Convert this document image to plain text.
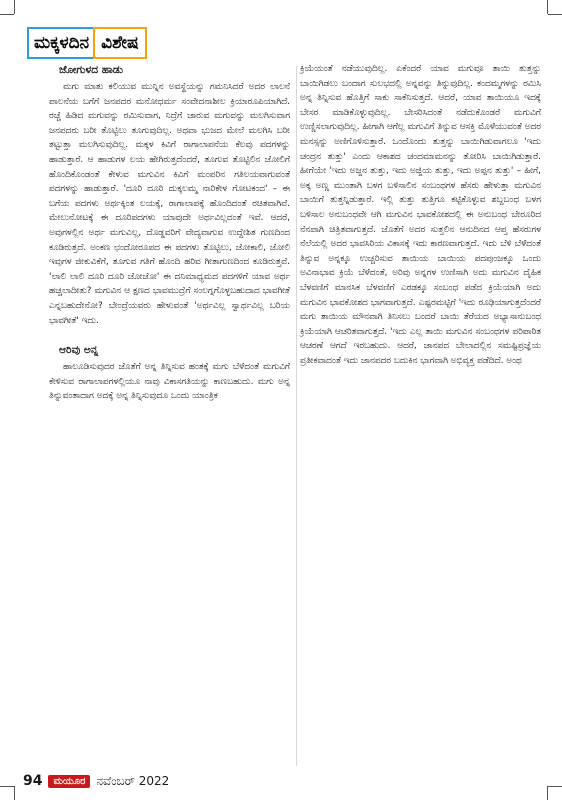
ಮಕ್ಕಳದಿನ ವಿಶೇಷ
ಜೋಗುಳದ ಹಾಡು

ಮಗು ಮಾತು ಕಲಿಯುವ ಮುನ್ನಿನ ಅವಸ್ಥೆಯನ್ನು ಗಮನಿಸಿದರೆ ಅದರ ಲಾಲನೆ ಪಾಲನೆಯ ಬಗೆಗೆ ಜನಪದರ ಮನೋಧರ್ಮ ಸಂವೇದನಾಶೀಲ ಕ್ರಿಯಾರೂಪಿಯಾಗಿದೆ. ರಚ್ಚೆ ಹಿಡಿದ ಮಗುವನ್ನು ರಮಿಸುವಾಗ, ನಿದ್ರೆಗೆ ಜಾರುವ ಮಗುವನ್ನು ಮಲಗಿಸುವಾಗ ಜನಪದರು ಬರೀ ತೊಟ್ಟಿಲು ತೂಗುವುದಿಲ್ಲ. ಅಥವಾ ಭುಜದ ಮೇಲೆ ಮಲಗಿಸಿ ಬರೀ ತಟ್ಟುತ್ತಾ ಮಲಗಿಸುವುದಿಲ್ಲ. ಮಕ್ಕಳ ಕಿವಿಗೆ ರಾಗಾಲಾಪನೆಯ ಕೆಲವು ಪದಗಳನ್ನು ಹಾಡುತ್ತಾರೆ. ಆ ಹಾಡುಗಳ ಲಯ ಹೇಗಿರುತ್ತದೆಂದರೆ, ತೂಗುವ ತೊಟ್ಟಿಲಿನ ಜೋಲಿಗೆ ಹೊಂದಿಕೊಂಡಂತೆ ಕೇಳುವ ಮಗುವಿನ ಕಿವಿಗೆ ಮಂಪರಿನ ಗತಿಲಯವಾಗುವಂತೆ ಪದಗಳನ್ನು ಹಾಡುತ್ತಾರೆ. 'ದೂರಿ ದೂರಿ ದುಕ್ಕಲಮ್ಮ ನಾರಿಕೇಳ ಗೋಟಕಂದ' – ಈ ಬಗೆಯ ಪದಗಳು ಅರ್ಥಕ್ಕಿಂತ ಲಯಕ್ಕೆ, ರಾಗಾಲಾಪಕ್ಕೆ ಹೊಂದಿದಂತೆ ರಚಿತವಾಗಿವೆ. ಮೇಲುನೋಟಕ್ಕೆ ಈ ದೂರಿಪದಗಳು ಯಾವುದೇ ಅರ್ಥವಿಲ್ಲದಂತೆ ಇವೆ. ಆದರೆ, ಅವುಗಳಲ್ಲಿನ ಅರ್ಥ ಮಗುವಿಲ್ಲ, ದೊಡ್ಡವರಿಗೆ ವೇದ್ಯವಾಗುವ ಉದ್ದೇಶಿತ ಗುಣದಿಂದ ಕೂಡಿರುತ್ತದೆ. ಅಂಕಣ ಛಂದೋರೂಪದ ಈ ಪದಗಳು ತೊಟ್ಟಿಲು, ಜೋಕಾಲಿ, ಜೋಲಿ ಇವುಗಳ ಜೀಕುವಿಕೆಗೆ, ತೂಗುವ ಗತಿಗೆ ಹೊಂದಿ ಹರಿವ ಗೀತಾಗುಣದಿಂದ ಕೂಡಿರುತ್ತವೆ. 'ಲಾಲಿ ಲಾಲಿ ದೂರಿ ದೂರಿ ಜೋಜೋ' ಈ ದನಿಮಾಧ್ಯಮದ ಪದಗಳಿಗೆ ಯಾವ ಅರ್ಥ ಹಚ್ಚಲಾದೀತು? ಮಗುವಿನ ಆ ಕ್ಷಣದ ಭಾವಮುದ್ರೆಗೆ ಸಂಲಗ್ನಗೊಳ್ಳಬಹುದಾದ ಭಾವಗೀತೆ ಎನ್ನಬಹುದೇನೋ? ಬೇಂದ್ರೆಯವರು ಹೇಳುವಂತೆ 'ಅರ್ಥವಿಲ್ಲ ಸ್ವಾರ್ಥವಿಲ್ಲ ಬರಿಯ ಭಾವಗೀತೆ' ಇದು.

ಆರಿವು ಅನ್ನ

ಹಾಲೂಡಿಸುವುದರ ಜೊತೆಗೆ ಅನ್ನ ತಿನ್ನಿಸುವ ಹಂತಕ್ಕೆ ಮಗು ಬೆಳೆದಂತೆ ಮಗುವಿಗೆ ಕೇಳಿಸುವ ರಾಗಾಲಾಪಗಳಲ್ಲಿಯೂ ನಾವು ವಿಕಾಸಗತಿಯನ್ನು ಕಾಣಬಹುದು. ಮಗು ಅನ್ನ ತಿನ್ನುವಂತಾದಾಗ ಅದಕ್ಕೆ ಅನ್ನ ತಿನ್ನಿಸುವುದೂ ಒಂದು ಯಾಂತ್ರಿಕ

ಕ್ರಿಯೆಯಂತೆ ನಡೆಯುವುದಿಲ್ಲ. ಏಕೆಂದರೆ ಯಾವ ಮಗುವೂ ತಾಯಿ ತುತ್ತನ್ನು ಬಾಯಿಗಿಡಲು ಬಂದಾಗ ಸುಲಭದಲ್ಲಿ ಅನ್ನವನ್ನು ತಿನ್ನುವುದಿಲ್ಲ. ಕಂದಮ್ಮಗಳನ್ನು ರಮಿಸಿ ಅನ್ನ ತಿನ್ನಿಸುವ ಹೊತ್ತಿಗೆ ಸಾಕು ಸಾಕೆನಿಸುತ್ತದೆ. ಆದರೆ, ಯಾವ ತಾಯಿಯೂ ಇದಕ್ಕೆ ಬೇಸರ ಮಾಡಿಕೊಳ್ಳುವುದಿಲ್ಲ. ಬೇಸರಿಸಿದಂತೆ ನಡೆದುಕೊಂಡರೆ ಮಗುವಿಗೆ ಉಣ್ಣಿಸಲಾಗುವುದಿಲ್ಲ. ಹೀಗಾಗಿ ಆಗೆಲ್ಲ ಮಗುವಿಗೆ ತಿನ್ನುವ ಆಸಕ್ತಿ ಮೊಳೆಯುವಂತೆ ಅದರ ಮನಸ್ಸನ್ನು ಅಣಿಗೊಳಿಸುತ್ತಾರೆ. ಒಂದೊಂದು ತುತ್ತನ್ನು ಬಾಯಿಗಿಡುವಾಗಲೂ 'ಇದು ಚಂದ್ರನ ತುತ್ತು' ಎಂದು ಆಕಾಶದ ಚಂದಮಾಮನನ್ನು ತೋರಿಸಿ ಬಾಯಿಗಿಡುತ್ತಾರೆ. ಹೀಗೆಯೇ 'ಇದು ಅಜ್ಜನ ತುತ್ತು, ಇದು ಅಜ್ಜಿಯ ತುತ್ತು, ಇದು ಅಪ್ಪನ ತುತ್ತು' – ಹೀಗೆ, ಅಕ್ಕ ಅಣ್ಣ ಮುಂತಾಗಿ ಬಳಗ ಬಳಿಸಾಲಿನ ಸಂಬಂಧಗಳ ಹೆಸರು ಹೇಳುತ್ತಾ ಮಗುವಿನ ಬಾಯಿಗೆ ತುತ್ತನ್ನಿಡುತ್ತಾರೆ. ಇಲ್ಲಿ ತುತ್ತು ತುತ್ತಿಗೂ ಕಟ್ಟಿಕೊಳ್ಳುವ ಶಬ್ದಬಂಧ ಬಳಗ ಬಳಿಸಾಲ ಅನುಬಂಧವೇ ಆಗಿ ಮಗುವಿನ ಭಾವಕೋಶದಲ್ಲಿ ಈ ಅನುಬಂಧ ಬೇರೂರಿದ ನೆನಪಾಗಿ ಚಿತ್ರಿತವಾಗುತ್ತದೆ. ಜೊತೆಗೆ ಅದರ ಸುತ್ತಲಿನ ಆನುದಿನದ ಆಪ್ತ ಹೆಸರುಗಳ ನೆಲೆಯಲ್ಲಿ ಅದರ ಭಾವಸಿರಿಯ ವಿಕಾಸಕ್ಕೆ ಇದು ಕಾರಣವಾಗುತ್ತದೆ. ಇದು ಬೆಳಿ ಬೆಳೆದಂತೆ ತಿನ್ನುವ ಅನ್ನಕ್ಕೂ ಉಚ್ಚರಿಸುವ ತಾಯಿಯ ಬಾಯಿಯ ಪದಪುಂಜಕ್ಕೂ ಒಂದು ಅವಿನಾಭಾವ ಕ್ರಿಯೆ ಬೆಳೆದಂತೆ, ಅರಿವು ಅನ್ನಗಳ ಉಣಿಸಾಗಿ ಅದು ಮಗುವಿನ ದೈಹಿಕ ಬೆಳವಣಿಗೆ ಮಾನಸಿಕ ಬೆಳವಣಿಗೆ ಎರಡಕ್ಕೂ ಸಂಬಂಧ ಪಡೆದ ಕ್ರಿಯೆಯಾಗಿ ಅದು ಮಗುವಿನ ಭಾವಕೋಶದ ಭಾಗವಾಗುತ್ತದೆ. ಎಷ್ಟರಮಟ್ಟಿಗೆ 'ಇದು ರೂಢಿಯಾಗುತ್ತದೆಂದರೆ ಮಗು ತಾಯಿಯ ಮೌನವಾಗಿ ತಿನಿಸಲು ಬಂದರೆ ಬಾಯಿ ತೆರೆಯದ ಅಭ್ಯಾಸಾನುಬಂಧ ಕ್ರಿಯೆಯಾಗಿ ಆಚರಿತವಾಗುತ್ತದೆ. 'ಇದು ಎಲ್ಲ ತಾಯಿ ಮಗುವಿನ ಸಂಬಂಧಗಳ ಪರಿಪಾಠಿತ ಆಚರಣೆ ಆಗದೆ ಇರಬಹುದು. ಆದರೆ, ಜಾನಪದ ಬೇಲಾದಲ್ಲಿನ ಸಮಷ್ಟಿಪ್ರಜ್ಞೆಯ ಪ್ರತೀಕವಾದಂತೆ ಇದು ಜಾನಪದರ ಬದುಕಿನ ಭಾಗವಾಗಿ ಅಭಿವ್ಯಕ್ತ ಪಡೆದಿದೆ. ಅಂಥ

94	ಮಯೂರ ನವೆಂಬರ್ 2022
